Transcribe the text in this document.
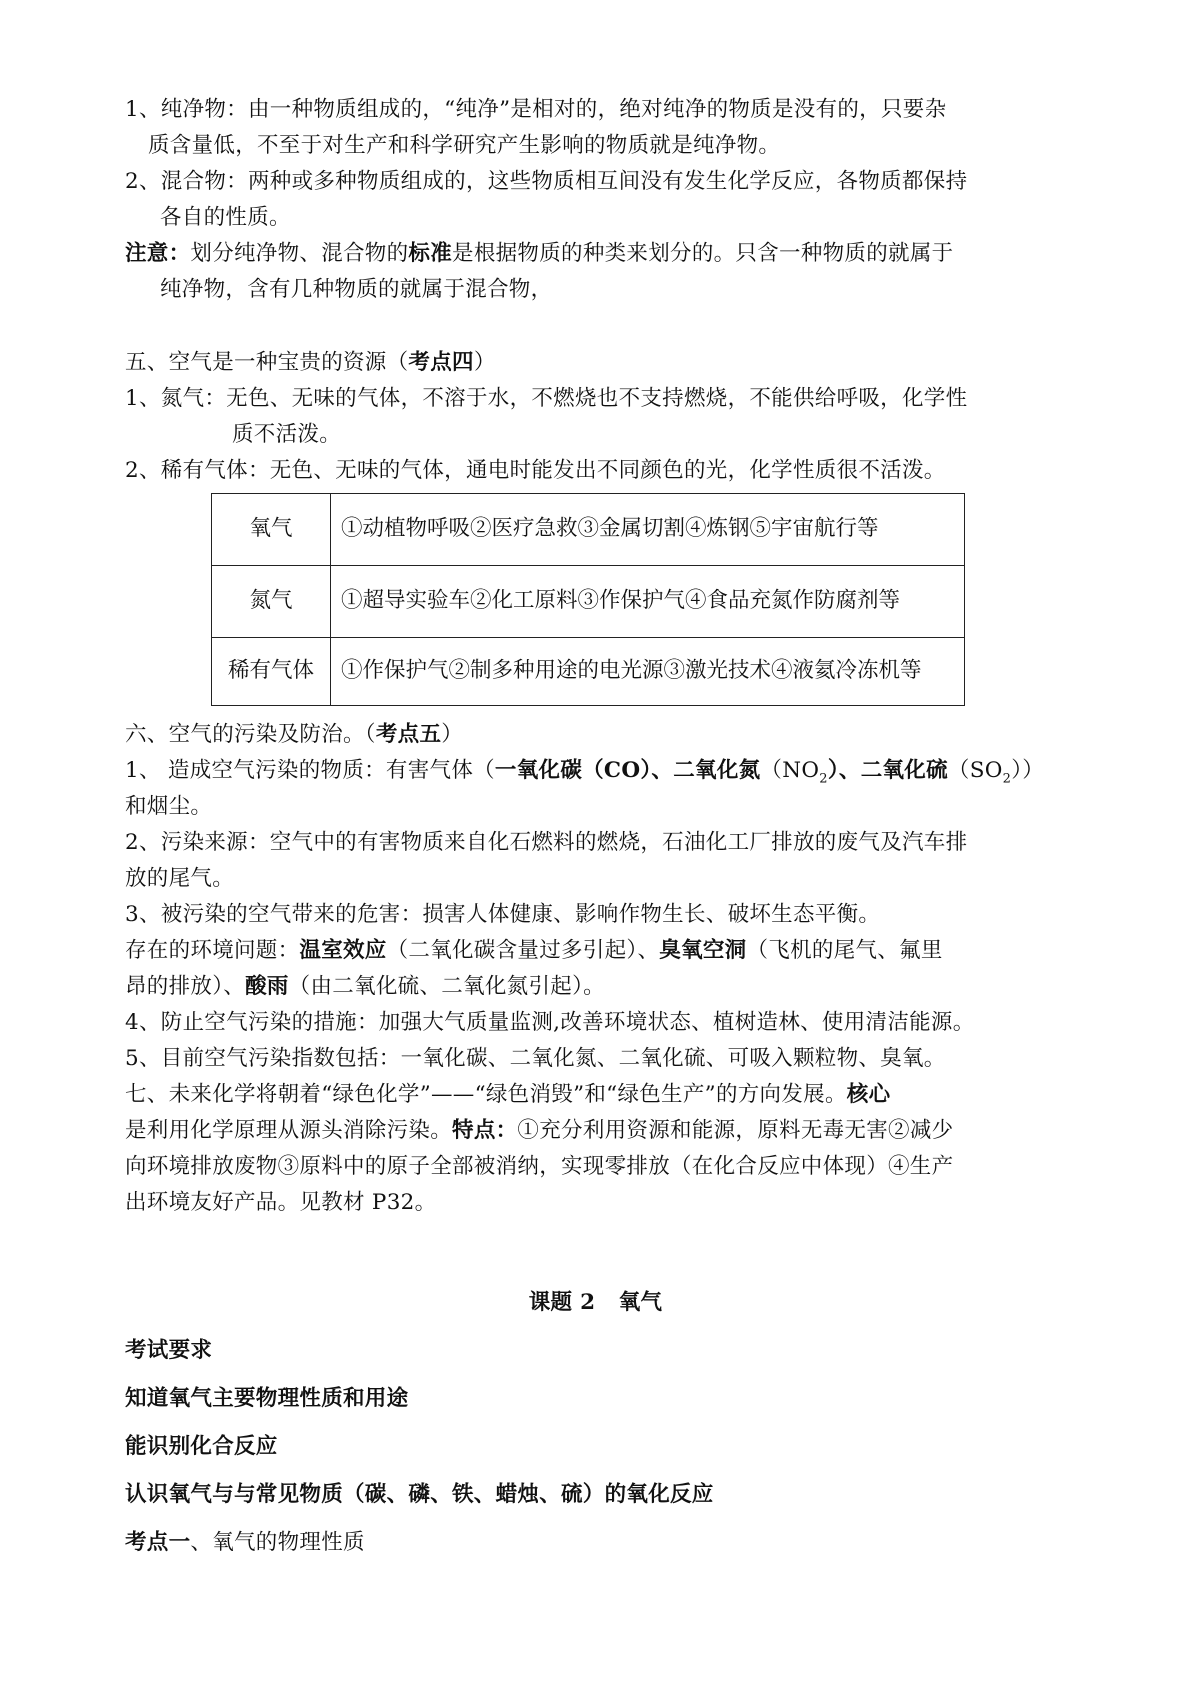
1、纯净物：由一种物质组成的，“纯净”是相对的，绝对纯净的物质是没有的，只要杂
质含量低，不至于对生产和科学研究产生影响的物质就是纯净物。
2、混合物：两种或多种物质组成的，这些物质相互间没有发生化学反应，各物质都保持
各自的性质。
注意：划分纯净物、混合物的标准是根据物质的种类来划分的。只含一种物质的就属于
纯净物，含有几种物质的就属于混合物，
五、空气是一种宝贵的资源（考点四）
1、氮气：无色、无味的气体，不溶于水，不燃烧也不支持燃烧，不能供给呼吸，化学性
质不活泼。
2、稀有气体：无色、无味的气体，通电时能发出不同颜色的光，化学性质很不活泼。
氧气	①动植物呼吸②医疗急救③金属切割④炼钢⑤宇宙航行等
氮气	①超导实验车②化工原料③作保护气④食品充氮作防腐剂等
稀有气体	①作保护气②制多种用途的电光源③激光技术④液氦冷冻机等
六、空气的污染及防治。（考点五）
1、 造成空气污染的物质：有害气体（一氧化碳（CO）、二氧化氮$(NO_2)$、二氧化硫$(SO_2)$）
和烟尘。
2、污染来源：空气中的有害物质来自化石燃料的燃烧，石油化工厂排放的废气及汽车排
放的尾气。
3、被污染的空气带来的危害：损害人体健康、影响作物生长、破坏生态平衡。
存在的环境问题：温室效应（二氧化碳含量过多引起）、臭氧空洞（飞机的尾气、氟里
昂的排放）、酸雨（由二氧化硫、二氧化氮引起）。
4、防止空气污染的措施：加强大气质量监测,改善环境状态、植树造林、使用清洁能源。
5、目前空气污染指数包括：一氧化碳、二氧化氮、二氧化硫、可吸入颗粒物、臭氧。
七、未来化学将朝着“绿色化学”——“绿色消毁”和“绿色生产”的方向发展。核心
是利用化学原理从源头消除污染。特点：①充分利用资源和能源，原料无毒无害②减少
向环境排放废物③原料中的原子全部被消纳，实现零排放（在化合反应中体现）④生产
出环境友好产品。见教材 P32。
课题 2   氧气
考试要求
知道氧气主要物理性质和用途
能识别化合反应
认识氧气与与常见物质（碳、磷、铁、蜡烛、硫）的氧化反应
考点一、氧气的物理性质
